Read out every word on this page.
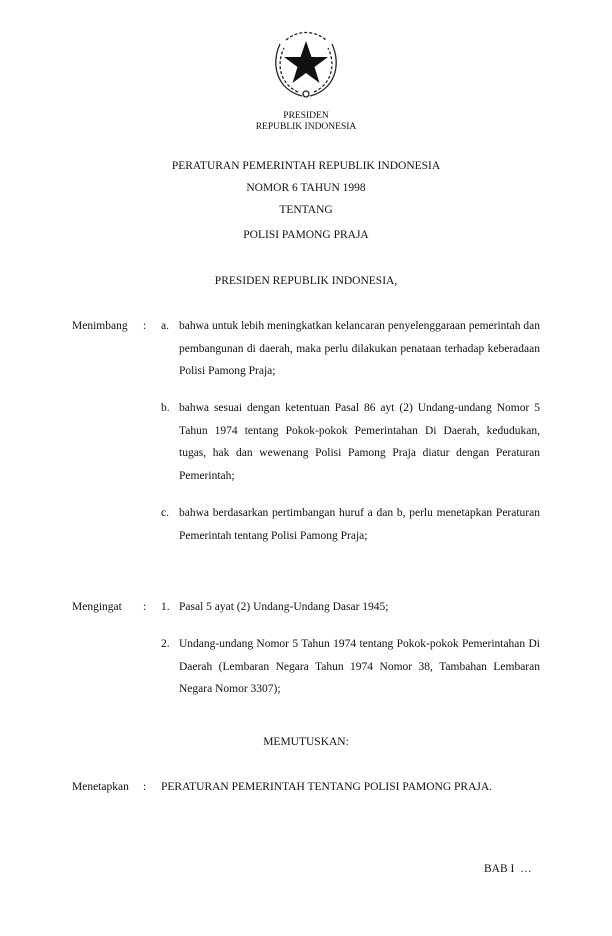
PRESIDEN
REPUBLIK INDONESIA
PERATURAN PEMERINTAH REPUBLIK INDONESIA
NOMOR 6 TAHUN 1998
TENTANG
POLISI PAMONG PRAJA
PRESIDEN REPUBLIK INDONESIA,
Menimbang : a. bahwa untuk lebih meningkatkan kelancaran penyelenggaraan pemerintah dan pembangunan di daerah, maka perlu dilakukan penataan terhadap keberadaan Polisi Pamong Praja;
b. bahwa sesuai dengan ketentuan Pasal 86 ayt (2) Undang-undang Nomor 5 Tahun 1974 tentang Pokok-pokok Pemerintahan Di Daerah, kedudukan, tugas, hak dan wewenang Polisi Pamong Praja diatur dengan Peraturan Pemerintah;
c. bahwa berdasarkan pertimbangan huruf a dan b, perlu menetapkan Peraturan Pemerintah tentang Polisi Pamong Praja;
Mengingat : 1. Pasal 5 ayat (2) Undang-Undang Dasar 1945;
2. Undang-undang Nomor 5 Tahun 1974 tentang Pokok-pokok Pemerintahan Di Daerah (Lembaran Negara Tahun 1974 Nomor 38, Tambahan Lembaran Negara Nomor 3307);
MEMUTUSKAN:
Menetapkan : PERATURAN PEMERINTAH TENTANG POLISI PAMONG PRAJA.
BAB I  …
